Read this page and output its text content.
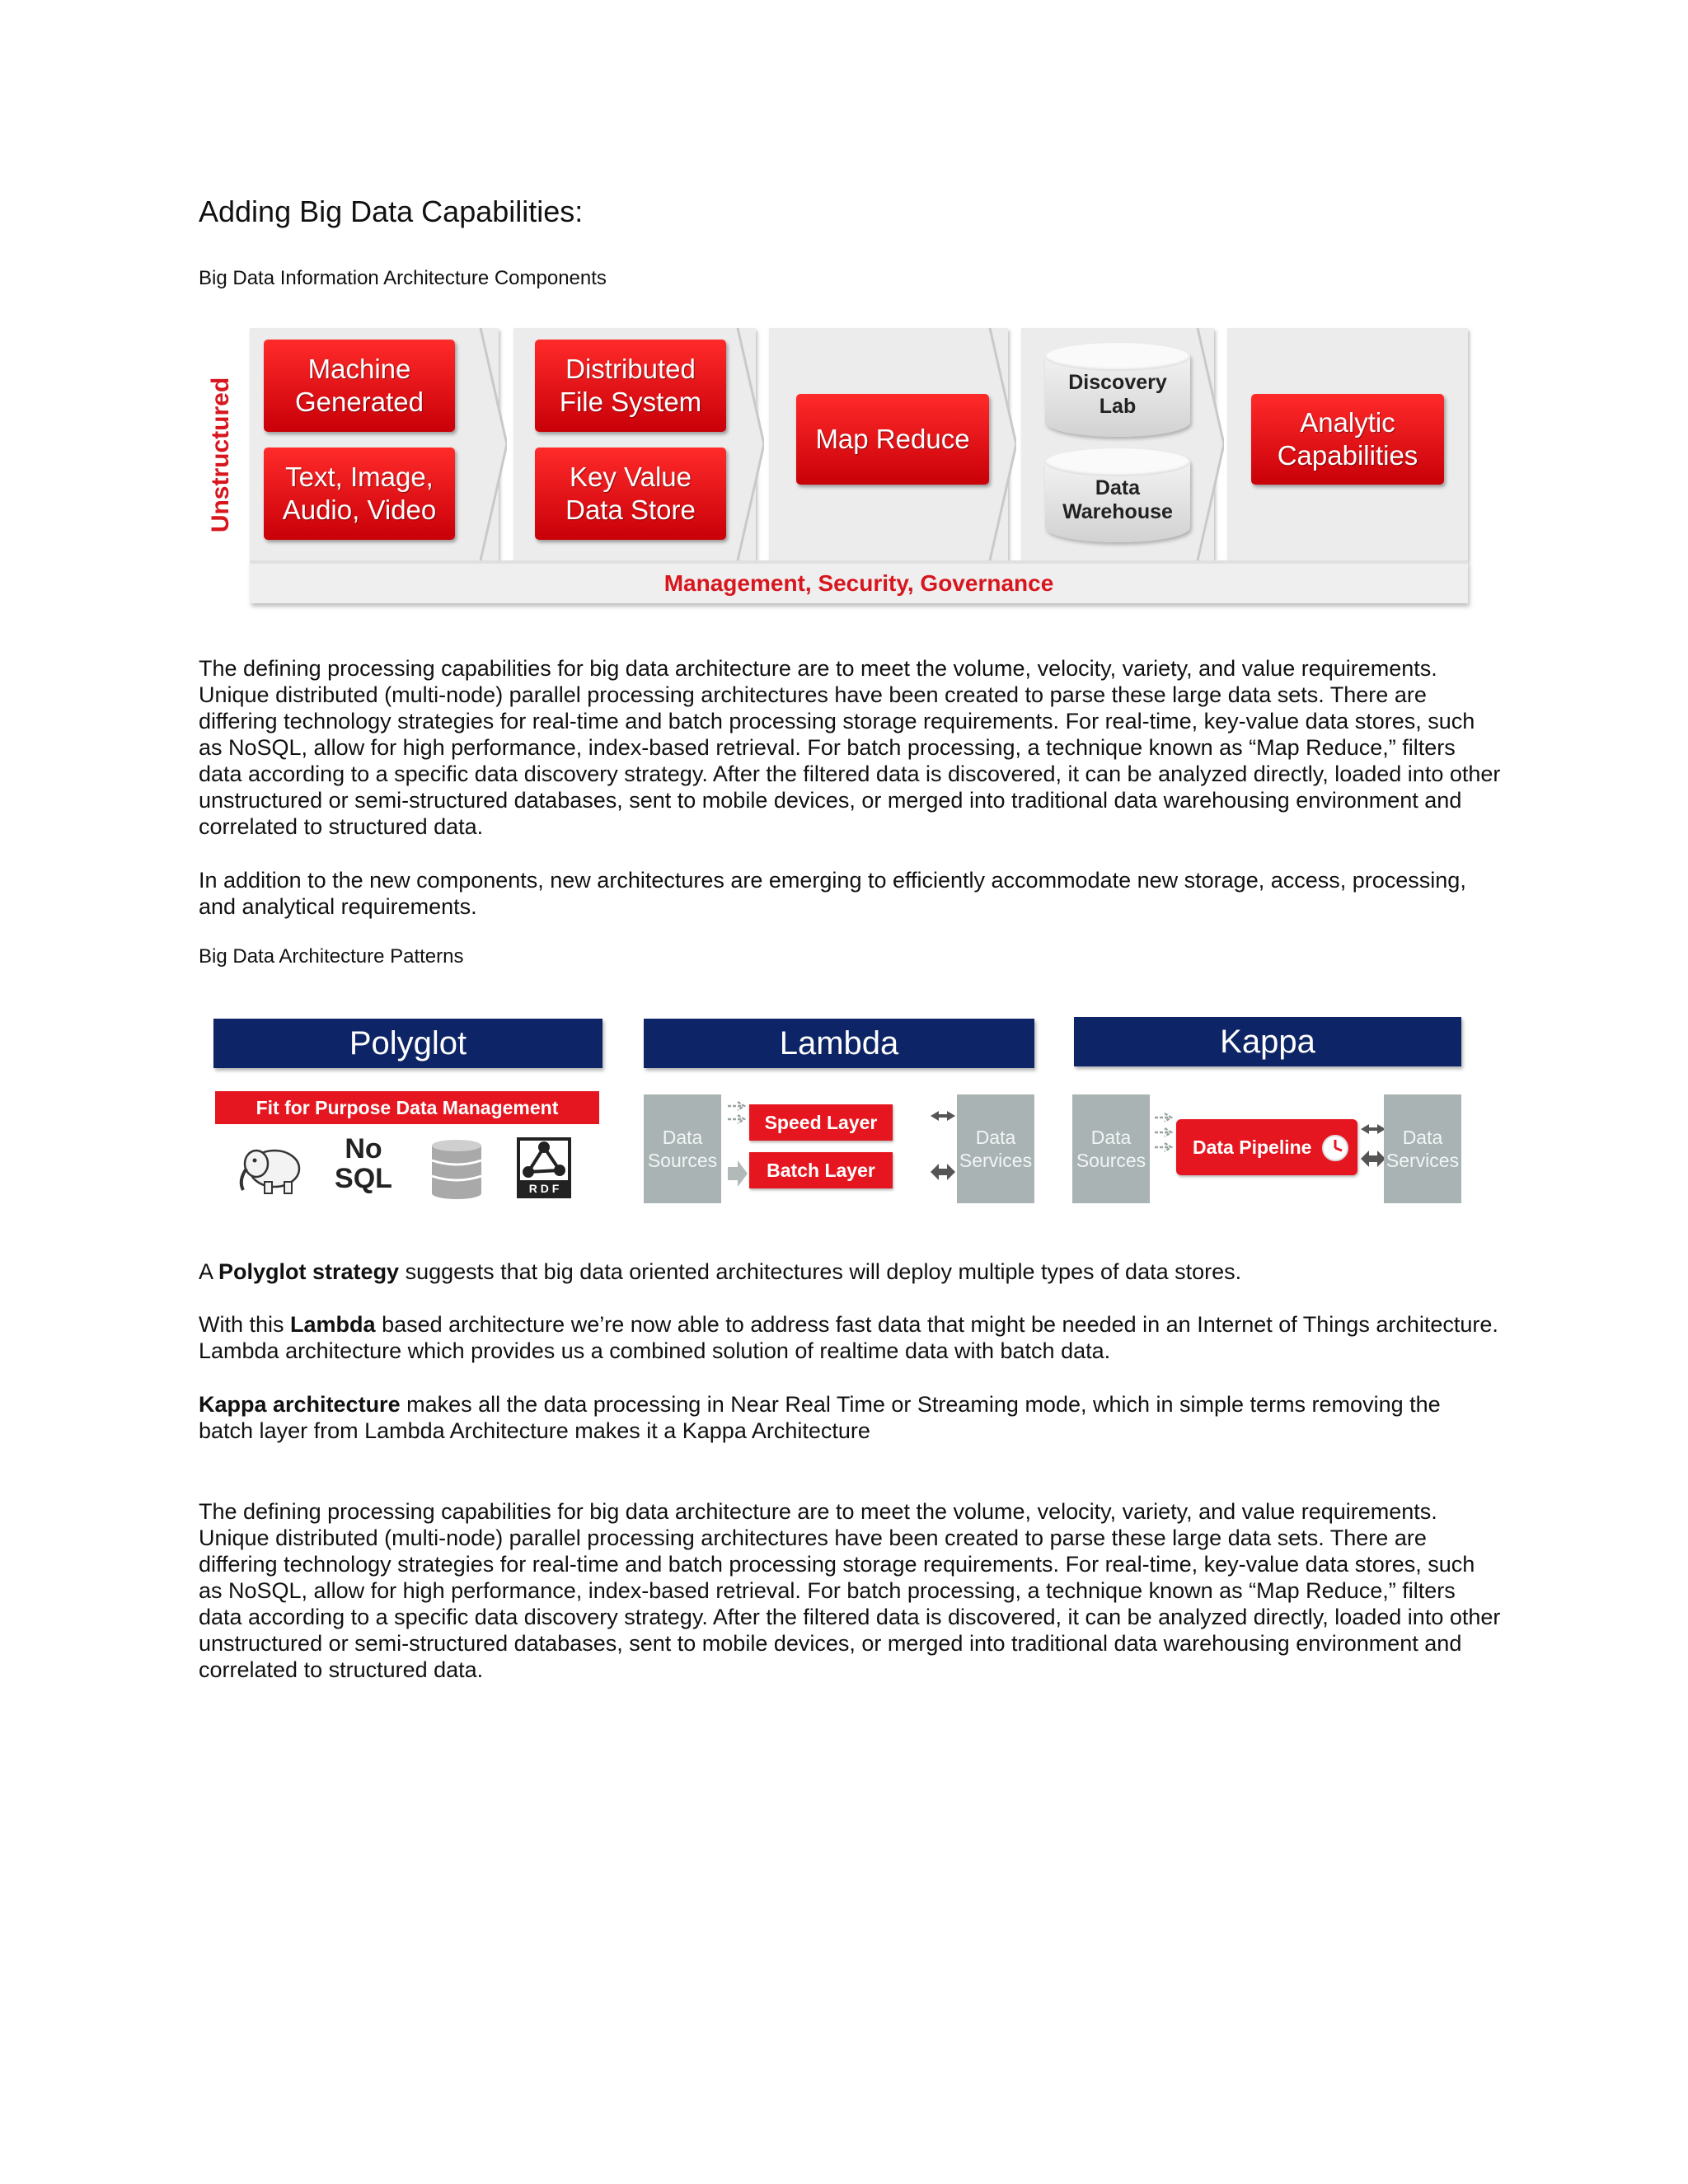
Adding Big Data Capabilities:
Big Data Information Architecture Components
Unstructured
Machine
Generated
Text, Image,
Audio, Video
Distributed
File System
Key Value
Data Store
Map Reduce
Discovery
Lab
Data
Warehouse
Analytic
Capabilities
Management, Security, Governance

The defining processing capabilities for big data architecture are to meet the volume, velocity, variety, and value requirements. Unique distributed (multi-node) parallel processing architectures have been created to parse these large data sets. There are differing technology strategies for real-time and batch processing storage requirements. For real-time, key-value data stores, such as NoSQL, allow for high performance, index-based retrieval. For batch processing, a technique known as “Map Reduce,” filters data according to a specific data discovery strategy. After the filtered data is discovered, it can be analyzed directly, loaded into other unstructured or semi-structured databases, sent to mobile devices, or merged into traditional data warehousing environment and correlated to structured data.

In addition to the new components, new architectures are emerging to efficiently accommodate new storage, access, processing, and analytical requirements.

Big Data Architecture Patterns
Polyglot
Fit for Purpose Data Management
No
SQL	R D F
Lambda
Data
Sources
Speed Layer
Batch Layer
Data
Services
Kappa
Data
Sources
Data Pipeline	Data
Services

A Polyglot strategy suggests that big data oriented architectures will deploy multiple types of data stores.

With this Lambda based architecture we’re now able to address fast data that might be needed in an Internet of Things architecture. Lambda architecture which provides us a combined solution of realtime data with batch data.

Kappa architecture makes all the data processing in Near Real Time or Streaming mode, which in simple terms removing the batch layer from Lambda Architecture makes it a Kappa Architecture

The defining processing capabilities for big data architecture are to meet the volume, velocity, variety, and value requirements. Unique distributed (multi-node) parallel processing architectures have been created to parse these large data sets. There are differing technology strategies for real-time and batch processing storage requirements. For real-time, key-value data stores, such as NoSQL, allow for high performance, index-based retrieval. For batch processing, a technique known as “Map Reduce,” filters data according to a specific data discovery strategy. After the filtered data is discovered, it can be analyzed directly, loaded into other unstructured or semi-structured databases, sent to mobile devices, or merged into traditional data warehousing environment and correlated to structured data.
